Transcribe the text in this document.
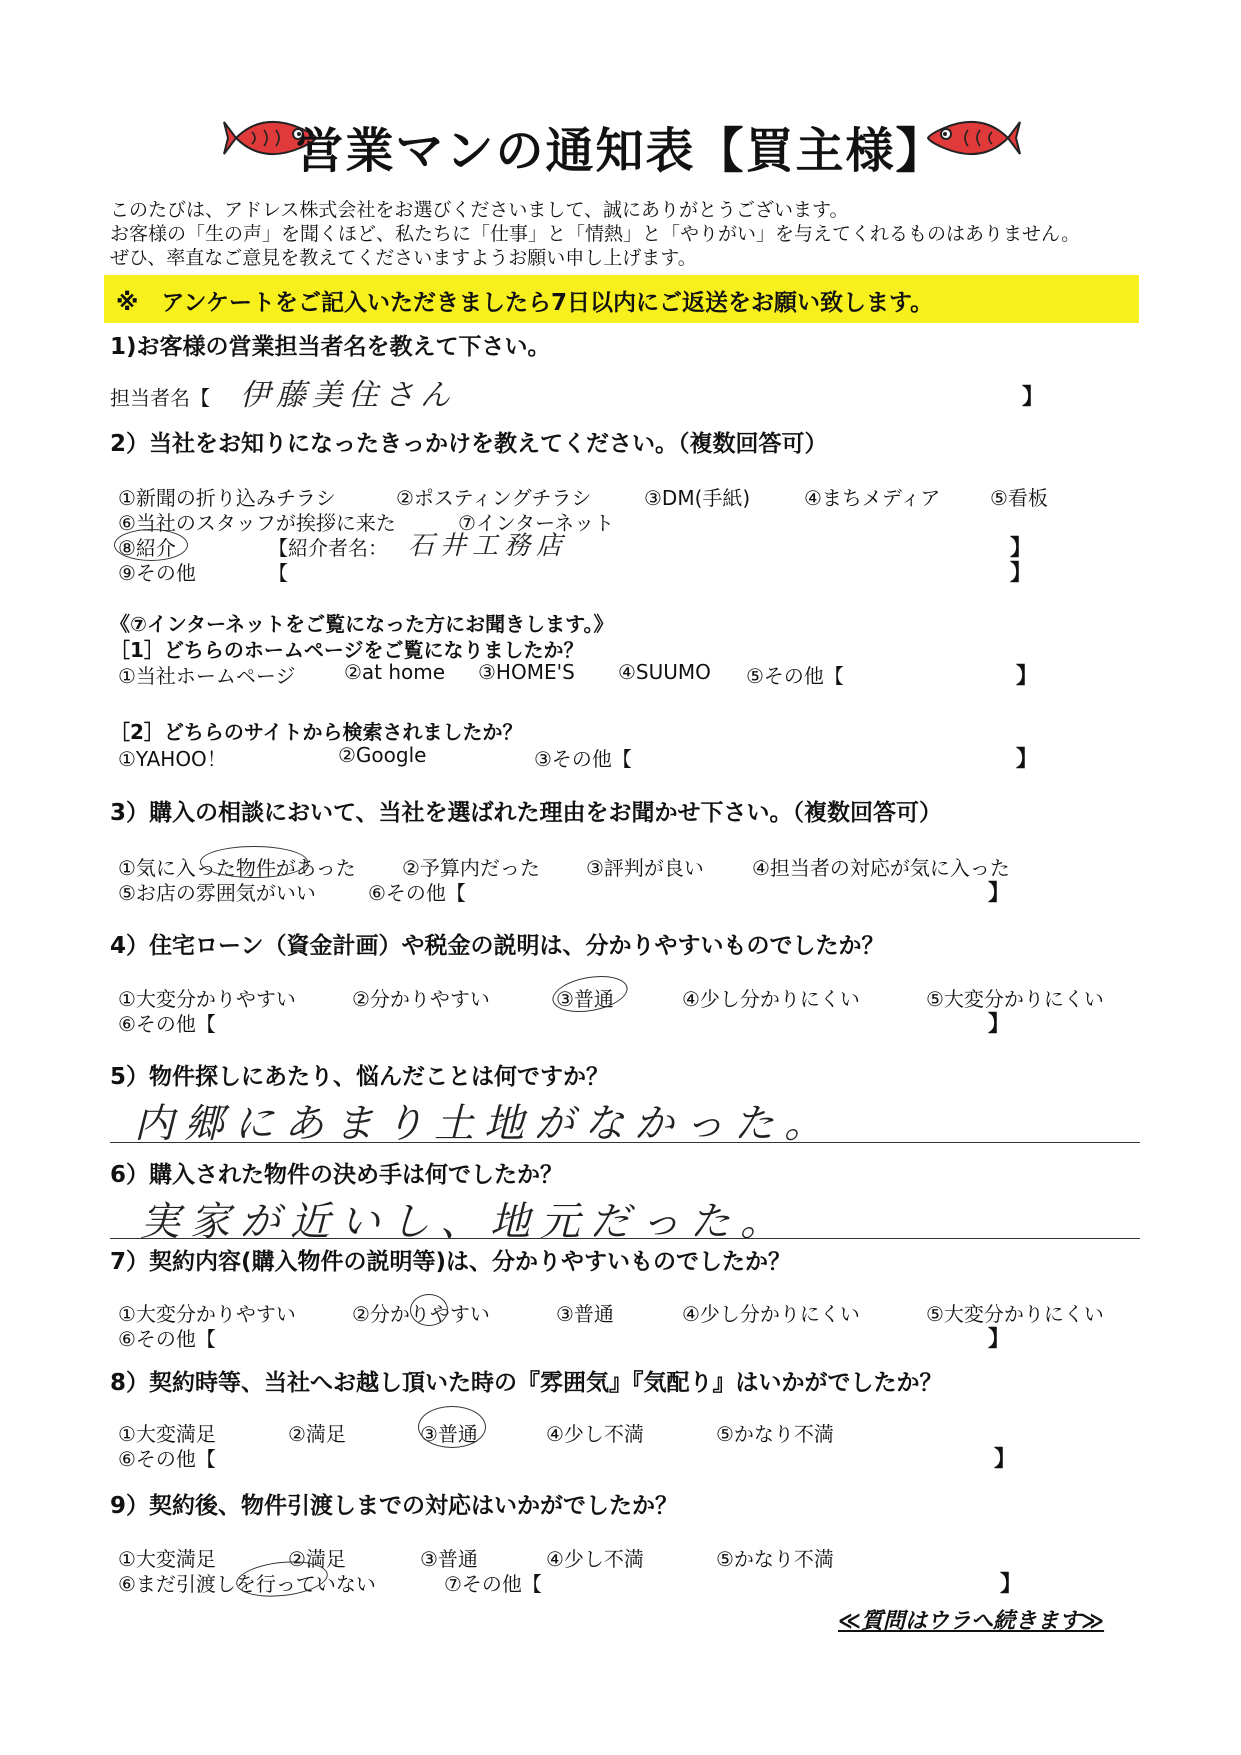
営業マンの通知表【買主様】
このたびは、アドレス株式会社をお選びくださいまして、誠にありがとうございます。
お客様の「生の声」を聞くほど、私たちに「仕事」と「情熱」と「やりがい」を与えてくれるものはありません。
ぜひ、率直なご意見を教えてくださいますようお願い申し上げます。
※　アンケートをご記入いただきましたら7日以内にご返送をお願い致します。
1)お客様の営業担当者名を教えて下さい。
担当者名【 伊藤美住さん	】
2）当社をお知りになったきっかけを教えてください。（複数回答可）
①新聞の折り込みチラシ	②ポスティングチラシ	③DM(手紙)	④まちメディア ⑤看板
⑥当社のスタッフが挨拶に来た	⑦インターネット
⑧紹介	【紹介者名： 石井工務店	】
⑨その他	【	】
《⑦インターネットをご覧になった方にお聞きします。》
［1］どちらのホームページをご覧になりましたか？
①当社ホームページ ②at home ③HOME'S ④SUUMO ⑤その他【	】
［2］どちらのサイトから検索されましたか？
①YAHOO！	②Google	③その他【	】
3）購入の相談において、当社を選ばれた理由をお聞かせ下さい。（複数回答可）
①気に入った物件があった ②予算内だった ③評判が良い ④担当者の対応が気に入った
⑤お店の雰囲気がいい	⑥その他【	】
4）住宅ローン（資金計画）や税金の説明は、分かりやすいものでしたか？
①大変分かりやすい	②分かりやすい	③普通	④少し分かりにくい	⑤大変分かりにくい
⑥その他【	】
5）物件探しにあたり、悩んだことは何ですか？
内郷にあまり土地がなかった。
6）購入された物件の決め手は何でしたか？
実家が近いし、地元だった。
7）契約内容(購入物件の説明等)は、分かりやすいものでしたか？
①大変分かりやすい	②分かりやすい	③普通	④少し分かりにくい	⑤大変分かりにくい
⑥その他【	】
8）契約時等、当社へお越し頂いた時の『雰囲気』『気配り』はいかがでしたか？
①大変満足	②満足	③普通	④少し不満	⑤かなり不満
⑥その他【	】
9）契約後、物件引渡しまでの対応はいかがでしたか？
①大変満足	②満足	③普通	④少し不満	⑤かなり不満
⑥まだ引渡しを行っていない	⑦その他【	】
≪質問はウラへ続きます≫
